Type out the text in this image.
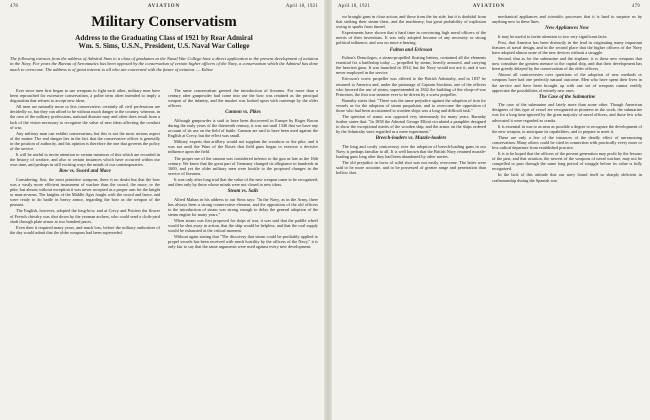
478	AVIATION	April 18, 1921
Military Conservatism
Address to the Graduating Class of 1921 by Rear Admiral
Wm. S. Sims, U.S.N., President, U.S. Naval War College
The following extracts from the address of Admiral Sims to a class of graduates at the Naval War College have a direct application to the present development of aviation in the Navy. For years the Bureau of Aeronautics has been opposed by the conservatism of certain higher officers of the Navy, a conservatism which the Admiral has done much to overcome. The address is of great interest to all who are concerned with the future of aviation. — Editor.

Ever since men first began to use weapons to fight each other, military men have been reproached for excessive conservatism, a polite term often intended to imply a dogmatism that refuses to accept new ideas.

All men are naturally more or less conservative; certainly all civil professions are decidedly so, but they can afford to be without much danger to the country, whereas, in the case of the military professions, national disaster may and often does result from a lack of the vision necessary to recognize the value of new ideas affecting the conduct of war.

Any military man can exhibit conservatism, but this is not the most serious aspect of the matter. The real danger lies in the fact that the conservative officer is generally in the position of authority, and his opinion is therefore the one that governs the policy of the service.

It will be useful to invite attention to certain instances of this which are recorded in the history of warfare, and also to certain instances which have occurred within our own time, and perhaps in still exciting ways the minds of our contemporaries.

Bow vs. Sword and Mace

Considering, first, the most primitive weapons, there is no doubt but that the bow was a vastly more efficient instrument of warfare than the sword, the mace, or the pike; but almost without exception it was never accepted as a proper arm for the knight or man-at-arms. The knights of the Middle Ages fought with the sword and lance, and were ready to do battle in heavy armor, regarding the bow as the weapon of the peasant.

The English, however, adopted the long-bow, and at Crecy and Poitiers the flower of French chivalry was shot down by the yeoman archers, who could send a cloth-yard shaft through plate armor at two hundred paces.

Even then it required many years, and much loss, before the military authorities of the day would admit that the older weapons had been superseded.

The same conservatism greeted the introduction of firearms. For more than a century after gunpowder had come into use the bow was retained as the principal weapon of the infantry, and the musket was looked upon with contempt by the older officers.

Cannon vs. Pikes

Although gunpowder is said to have been discovered in Europe by Roger Bacon during the early years of the thirteenth century, it was not until 1346 that we have any account of its use on the field of battle. Cannon are said to have been used against the English at Crecy, but the effect was small.

Military experts that artillery would not supplant the crossbow or the pike, and it was not until the Wars of the Roses that field guns began to exercise a decisive influence upon the field.

The proper use of the cannon was considered inferior to the gun as late as the 16th century. We know that the great part of Germany changed its allegiance in hundreds in 1600, and yet the older military men were hostile to the proposed changes in the service of firearms.

It was only after long trial that the value of the new weapon came to be recognized, and then only by those whose minds were not closed to new ideas.

Steam vs. Sails

Alfred Mahan in his address to our Sims says: "In the Navy, as in the Army, there has always been a strong conservative element, and the opposition of the old officers to the introduction of steam was strong enough to delay the general adoption of the steam engine for many years."

When steam was first proposed for ships of war, it was said that the paddle wheel would be shot away in action, that the ship would be helpless, and that the coal supply would be exhausted at the critical moment.

Without again stating that "The discovery that steam could be profitably applied to propel vessels has been received with much hostility by the officers of the Navy," it is only fair to say that the same arguments were used against every new development.

April 18, 1921	AVIATION	479

we brought guns in close action; and those from the far side, but it is doubtful from that striking their steam-chest, and the machinery, but great probability of explosion owing to sparks from funnel.

Experiments have shown that a hard time in convincing high naval officers of the merits of their inventions. It was only adopted because of any necessity or strong political influence, and was no more a hearing.

Fulton and Ericsson

Fulton's Demologos, a steam-propelled floating battery, contained all the elements essential for a battleship today — propelled by steam, heavily armored, and carrying the heaviest guns. It was launched in 1814, but the Navy would not use it, and it was never employed in the service.

Ericsson's screw propeller was offered to the British Admiralty, and in 1837 he returned to America and, under the patronage of Captain Stockton, one of the officers who favored the use of steam, superintended in 1842 the building of the sloop-of-war Princeton, the first war steamer ever to be driven by a screw propeller.

Barnaby states that: "There was the same prejudice against the adoption of iron for vessels as for the adoption of steam propulsion, and to overcome the opposition of those who had been accustomed to wooden ships was a long and difficult task."

The question of armor was opposed very strenuously for many years. Barnaby further states that: "In 1858 the Admiral George Elliott circulated a pamphlet designed to show the exceptional merits of the wooden ship, and the armor on the ships ordered by the Admiralty were regarded as a mere experiment."

Breech-loaders vs. Muzzle-loaders

The long and costly controversy over the adoption of breech-loading guns in our Navy is perhaps familiar to all. It is well known that the British Navy retained muzzle-loading guns long after they had been abandoned by other navies.

The old prejudice in favor of solid shot was not easily overcome. The latter were said to be more accurate, and to be possessed of greater range and penetration than hollow shot.

mechanical appliances and scientific processes that it is hard to surprise us by anything new in these lines.

New Appliances Now

It may be useful to invite attention to two very significant facts:

First, that America has been distinctly in the lead in originating many important features of naval design, and in the second place that the higher officers of the Navy have adopted almost none of the new devices without a struggle.

Second, that as for the submarine and the airplane, it is these new weapons that now constitute the greatest menace to the capital ship, and that their development has been greatly delayed by the conservatism of the older officers.

Almost all controversies over questions of the adoption of new methods or weapons have had one perfectly natural outcome. Men who have spent their lives in the service and have been brought up with one set of weapons cannot readily appreciate the possibilities of entirely new ones.

The Case of the Submarine

The case of the submarine and lately more than some other. Though American designers of this type of vessel are recognized as pioneers in the work, the submarine was for a long time ignored by the great majority of naval officers, and those few who advocated it were regarded as cranks.

It is essential in war to as near as possible a degree to recognize the development of the new weapon, to anticipate its capabilities, and to prepare to meet it.

These are only a few of the instances of the deadly effect of unreasoning conservatism. Many others could be cited in connection with practically every more or less radical departure from established practice.

It is to be hoped that the officers of the present generation may profit by the lessons of the past, and that aviation, the newest of the weapons of naval warfare, may not be compelled to pass through the same long period of struggle before its value is fully recognized.

In the lack of this attitude that our navy found itself so sharply deficient in craftsmanship during the Spanish war.
